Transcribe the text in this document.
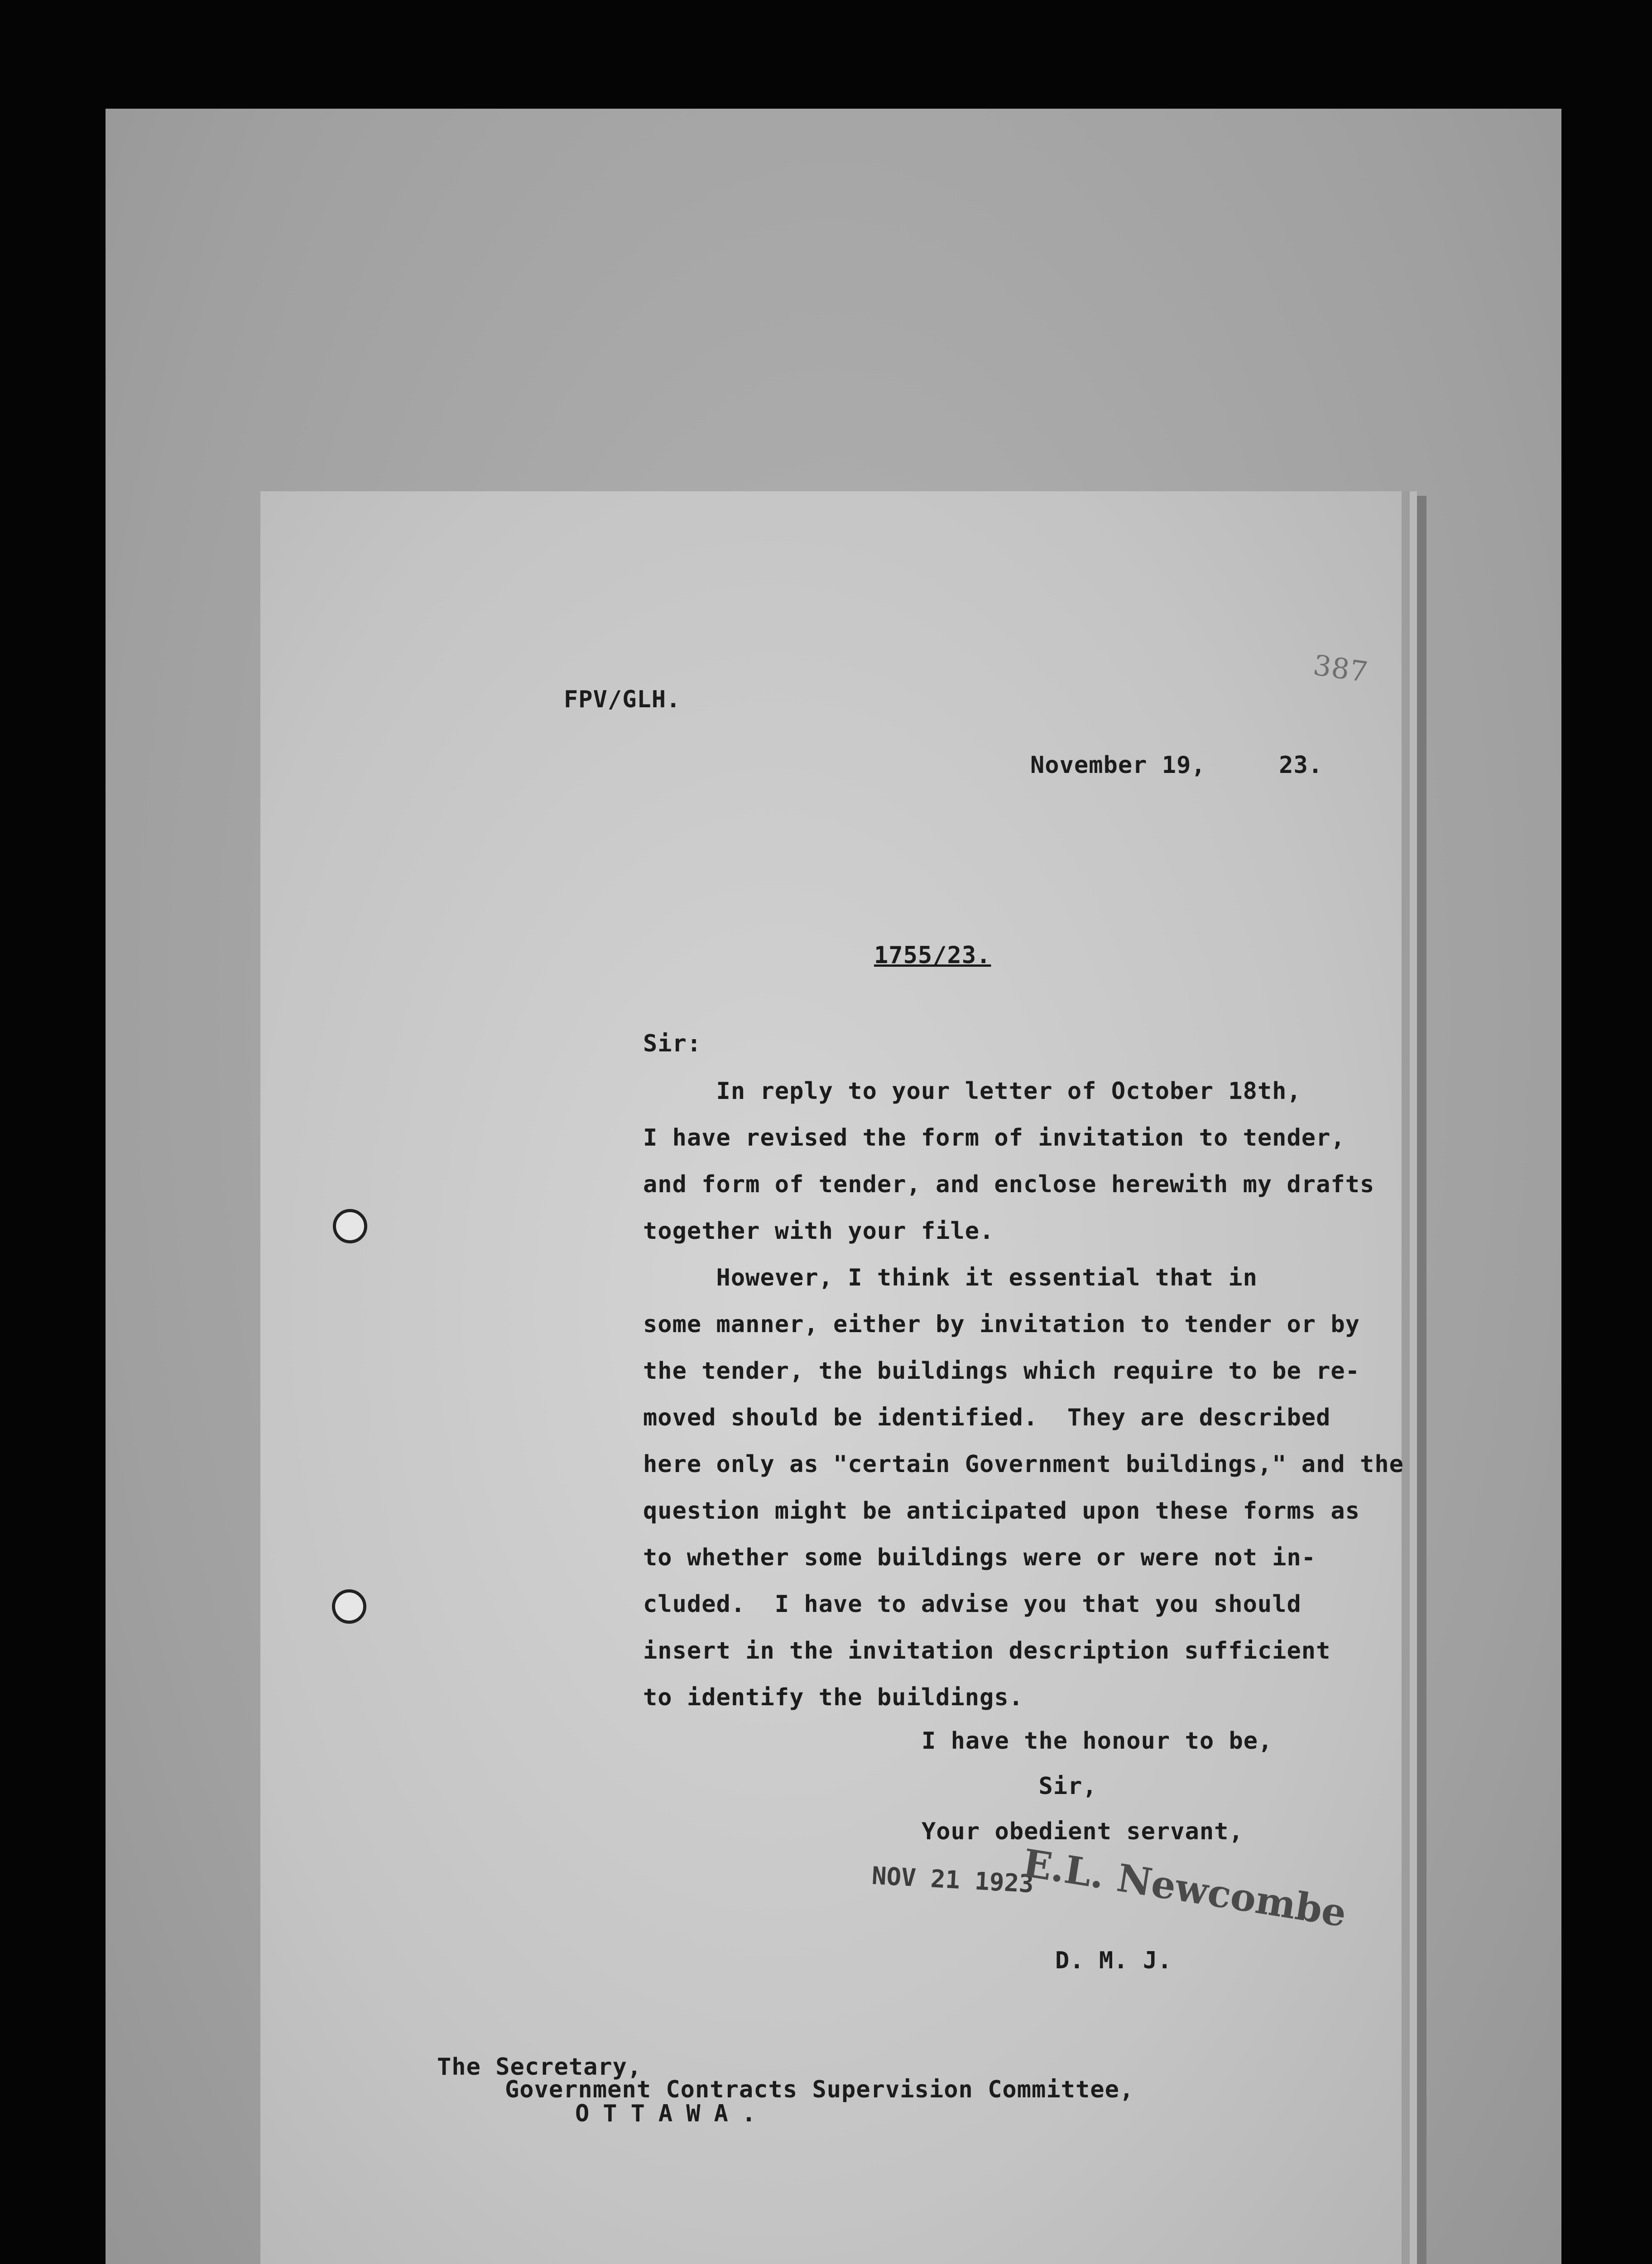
387
FPV/GLH.
November 19,     23.
1755/23.
Sir:
In reply to your letter of October 18th,
I have revised the form of invitation to tender,
and form of tender, and enclose herewith my drafts
together with your file.
However, I think it essential that in
some manner, either by invitation to tender or by
the tender, the buildings which require to be re-
moved should be identified.  They are described
here only as "certain Government buildings," and the
question might be anticipated upon these forms as
to whether some buildings were or were not in-
cluded.  I have to advise you that you should
insert in the invitation description sufficient
to identify the buildings.
I have the honour to be,
Sir,
Your obedient servant,
NOV 21 1923
E.L. Newcombe
D. M. J.
The Secretary,
Government Contracts Supervision Committee,
OTTAWA.
